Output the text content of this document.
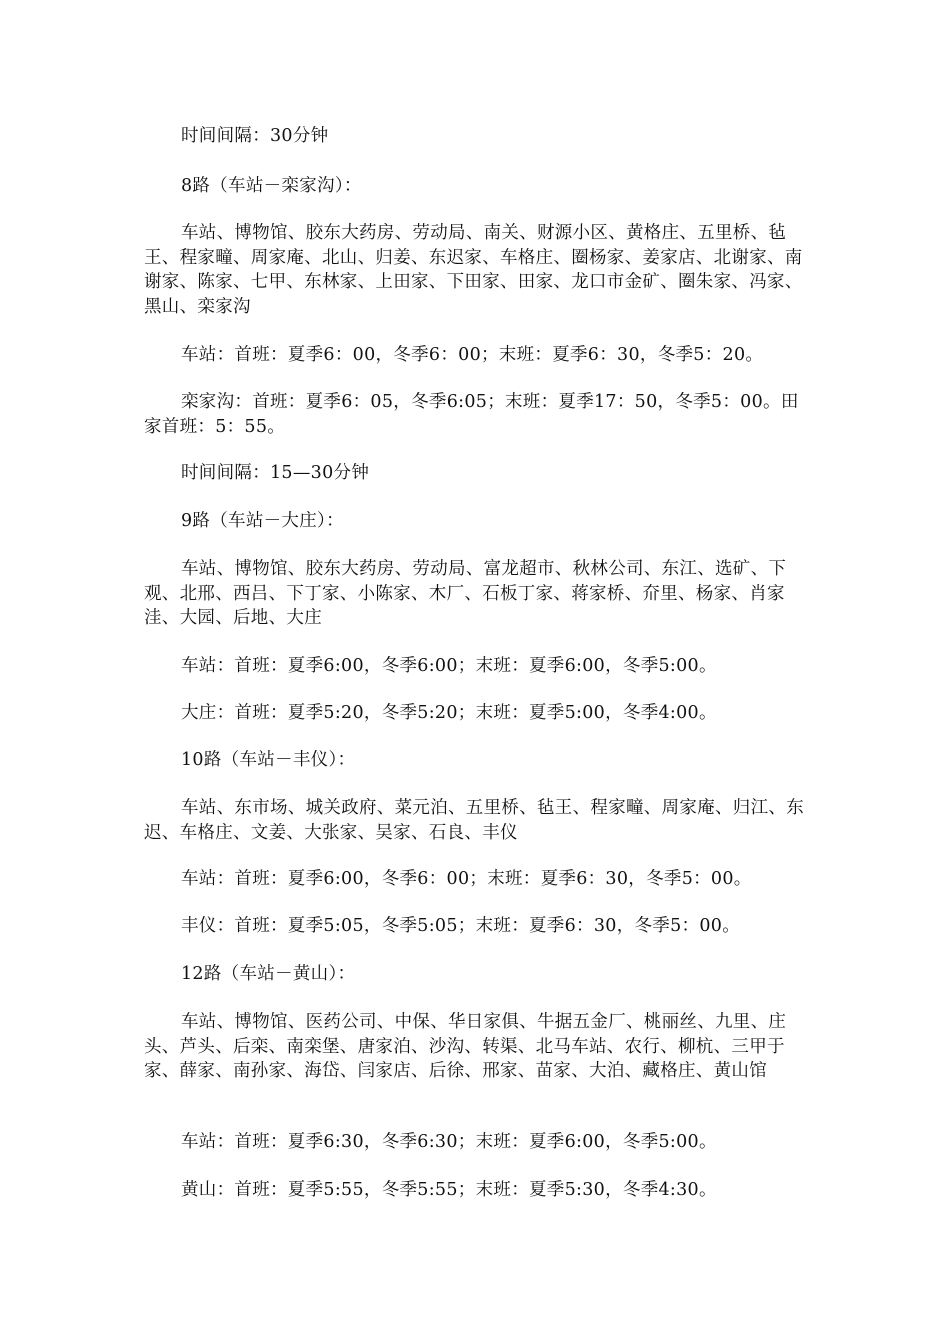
时间间隔：30分钟

8路（车站－栾家沟）：

车站、博物馆、胶东大药房、劳动局、南关、财源小区、黄格庄、五里桥、毡王、程家疃、周家庵、北山、归姜、东迟家、车格庄、圈杨家、姜家店、北谢家、南谢家、陈家、七甲、东林家、上田家、下田家、田家、龙口市金矿、圈朱家、冯家、黑山、栾家沟

车站：首班：夏季6：00，冬季6：00；末班：夏季6：30，冬季5：20。

栾家沟：首班：夏季6：05，冬季6:05；末班：夏季17：50，冬季5：00。田家首班：5：55。

时间间隔：15—30分钟

9路（车站－大庄）：

车站、博物馆、胶东大药房、劳动局、富龙超市、秋林公司、东江、选矿、下观、北邢、西吕、下丁家、小陈家、木厂、石板丁家、蒋家桥、夼里、杨家、肖家洼、大园、后地、大庄

车站：首班：夏季6:00，冬季6:00；末班：夏季6:00，冬季5:00。

大庄：首班：夏季5:20，冬季5:20；末班：夏季5:00，冬季4:00。

10路（车站－丰仪）：

车站、东市场、城关政府、菜元泊、五里桥、毡王、程家疃、周家庵、归江、东迟、车格庄、文姜、大张家、吴家、石良、丰仪

车站：首班：夏季6:00，冬季6：00；末班：夏季6：30，冬季5：00。

丰仪：首班：夏季5:05，冬季5:05；末班：夏季6：30，冬季5：00。

12路（车站－黄山）：

车站、博物馆、医药公司、中保、华日家俱、牛据五金厂、桃丽丝、九里、庄头、芦头、后栾、南栾堡、唐家泊、沙沟、转渠、北马车站、农行、柳杭、三甲于家、薛家、南孙家、海岱、闫家店、后徐、邢家、苗家、大泊、藏格庄、黄山馆

车站：首班：夏季6:30，冬季6:30；末班：夏季6:00，冬季5:00。

黄山：首班：夏季5:55，冬季5:55；末班：夏季5:30，冬季4:30。
